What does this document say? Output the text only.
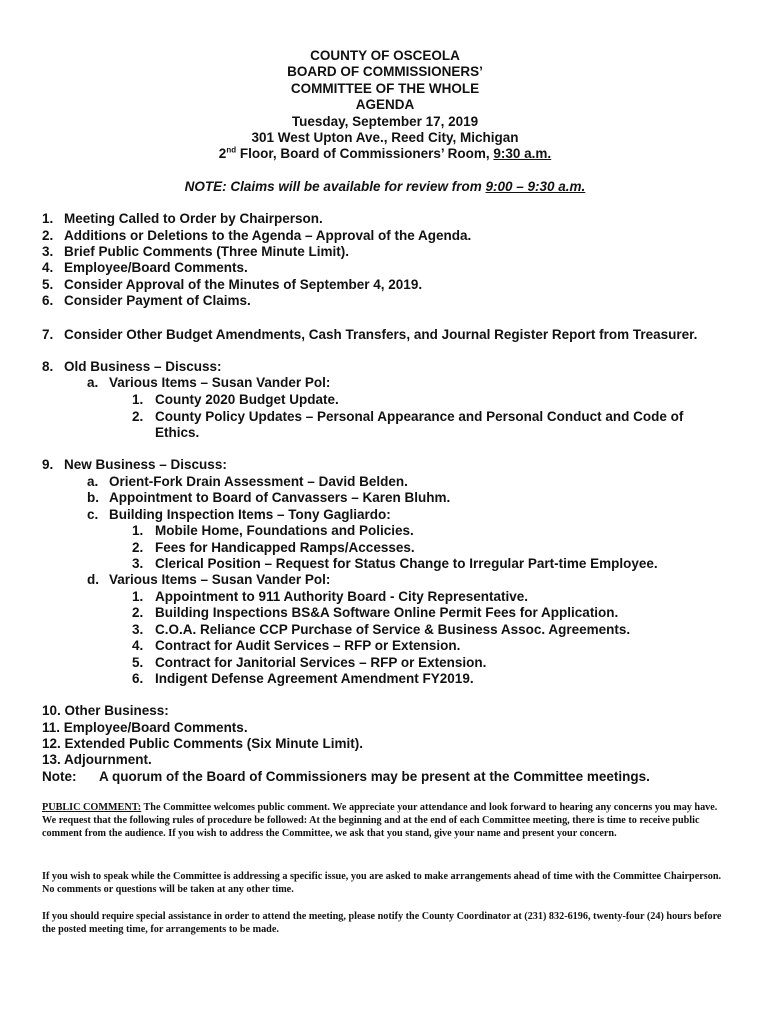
COUNTY OF OSCEOLA
BOARD OF COMMISSIONERS’
COMMITTEE OF THE WHOLE
AGENDA
Tuesday, September 17, 2019
301 West Upton Ave., Reed City, Michigan
2nd Floor, Board of Commissioners’ Room, 9:30 a.m.
NOTE: Claims will be available for review from 9:00 – 9:30 a.m.
1. Meeting Called to Order by Chairperson.
2. Additions or Deletions to the Agenda – Approval of the Agenda.
3. Brief Public Comments (Three Minute Limit).
4. Employee/Board Comments.
5. Consider Approval of the Minutes of September 4, 2019.
6. Consider Payment of Claims.
7. Consider Other Budget Amendments, Cash Transfers, and Journal Register Report from Treasurer.
8. Old Business – Discuss:
a. Various Items – Susan Vander Pol:
1. County 2020 Budget Update.
2. County Policy Updates – Personal Appearance and Personal Conduct and Code of
Ethics.
9. New Business – Discuss:
a. Orient-Fork Drain Assessment – David Belden.
b. Appointment to Board of Canvassers – Karen Bluhm.
c. Building Inspection Items – Tony Gagliardo:
1. Mobile Home, Foundations and Policies.
2. Fees for Handicapped Ramps/Accesses.
3. Clerical Position – Request for Status Change to Irregular Part-time Employee.
d. Various Items – Susan Vander Pol:
1. Appointment to 911 Authority Board - City Representative.
2. Building Inspections BS&A Software Online Permit Fees for Application.
3. C.O.A. Reliance CCP Purchase of Service & Business Assoc. Agreements.
4. Contract for Audit Services – RFP or Extension.
5. Contract for Janitorial Services – RFP or Extension.
6. Indigent Defense Agreement Amendment FY2019.
10. Other Business:
11. Employee/Board Comments.
12. Extended Public Comments (Six Minute Limit).
13. Adjournment.
Note: A quorum of the Board of Commissioners may be present at the Committee meetings.
PUBLIC COMMENT: The Committee welcomes public comment. We appreciate your attendance and look forward to hearing any concerns you may have. We request that the following rules of procedure be followed: At the beginning and at the end of each Committee meeting, there is time to receive public comment from the audience. If you wish to address the Committee, we ask that you stand, give your name and present your concern.
If you wish to speak while the Committee is addressing a specific issue, you are asked to make arrangements ahead of time with the Committee Chairperson. No comments or questions will be taken at any other time.
If you should require special assistance in order to attend the meeting, please notify the County Coordinator at (231) 832-6196, twenty-four (24) hours before the posted meeting time, for arrangements to be made.
